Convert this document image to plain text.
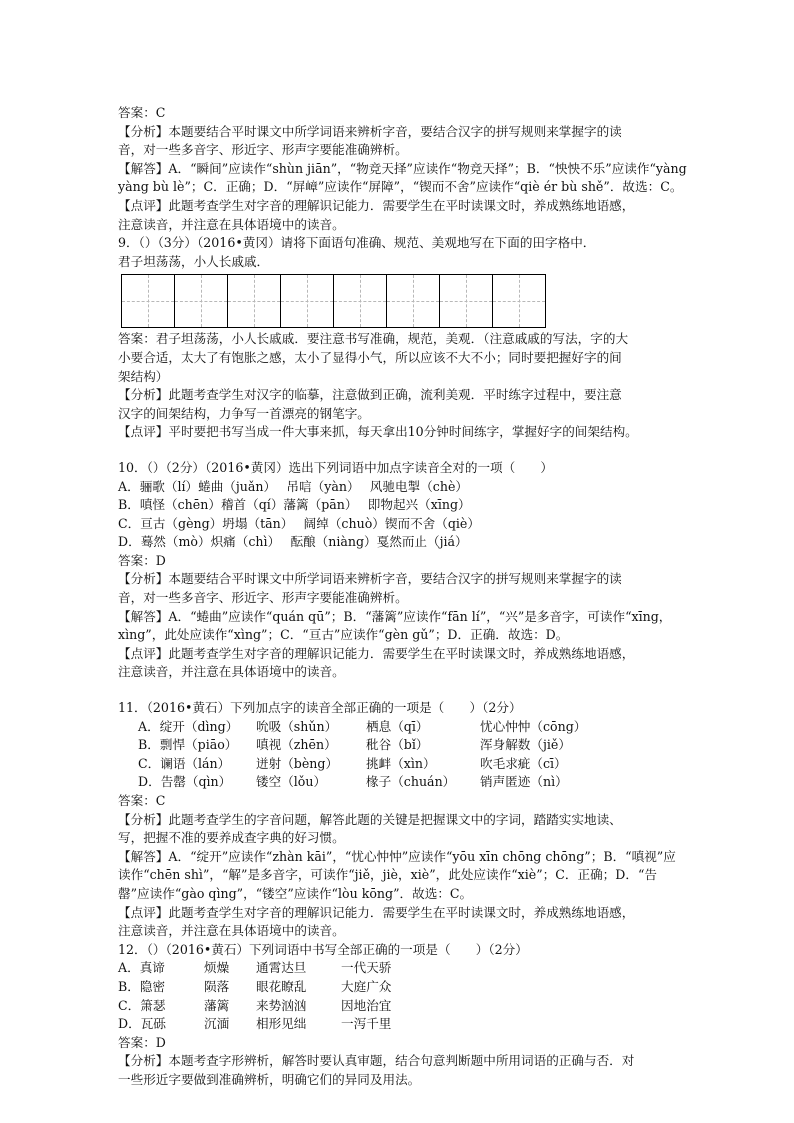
答案：C
【分析】本题要结合平时课文中所学词语来辨析字音，要结合汉字的拼写规则来掌握字的读
音，对一些多音字、形近字、形声字要能准确辨析。
【解答】A．“瞬间”应读作“shùn jiān”，“物竞天择”应读作“物竞天择”；B．“怏怏不乐”应读作“yàng
yàng bù lè”；C．正确；D．“屏嶂”应读作“屏障”，“锲而不舍”应读作“qiè ér bù shě”．故选：C。
【点评】此题考查学生对字音的理解识记能力．需要学生在平时读课文时，养成熟练地语感，
注意读音，并注意在具体语境中的读音。
9．（）（3分）（2016•黄冈）请将下面语句准确、规范、美观地写在下面的田字格中．
君子坦荡荡，小人长戚戚．
答案：君子坦荡荡，小人长戚戚．要注意书写准确，规范，美观．（注意戚戚的写法，字的大
小要合适，太大了有饱胀之感，太小了显得小气，所以应该不大不小；同时要把握好字的间
架结构）
【分析】此题考查学生对汉字的临摹，注意做到正确，流利美观．平时练字过程中，要注意
汉字的间架结构，力争写一首漂亮的钢笔字。
【点评】平时要把书写当成一件大事来抓，每天拿出10分钟时间练字，掌握好字的间架结构。
10．（）（2分）（2016•黄冈）选出下列词语中加点字读音全对的一项（　　）
A．骊歌（lí）蜷曲（juǎn）　 吊唁（yàn）　 风驰电掣（chè）
B．嗔怪（chēn）稽首（qí）藩篱（pān）　 即物起兴（xīng）
C．亘古（gèng）坍塌（tān）　 阔绰（chuò）锲而不舍（qiè）
D．蓦然（mò）炽痛（chì）　 酝酿（niàng）戛然而止（jiá）
答案：D
【分析】本题要结合平时课文中所学词语来辨析字音，要结合汉字的拼写规则来掌握字的读
音，对一些多音字、形近字、形声字要能准确辨析。
【解答】A．“蜷曲”应读作“quán qū”；B．“藩篱”应读作“fān lí”，“兴”是多音字，可读作“xīng，
xìng”，此处应读作“xìng”；C．“亘古”应读作“gèn gǔ”；D．正确．故选：D。
【点评】此题考查学生对字音的理解识记能力．需要学生在平时读课文时，养成熟练地语感，
注意读音，并注意在具体语境中的读音。
11．（2016•黄石）下列加点字的读音全部正确的一项是（　　）（2分）
A．绽开（dìng）	吮吸（shǔn）	栖息（qī）	忧心忡忡（cōng）
B．剽悍（piāo）	嗔视（zhēn）	秕谷（bǐ）	浑身解数（jiě）
C．谰语（lán）	迸射（bèng）	挑衅（xìn）	吹毛求疵（cī）
D．告罄（qìn）	镂空（lǒu）	椽子（chuán）	销声匿迹（nì）
答案：C
【分析】此题考查学生的字音问题，解答此题的关键是把握课文中的字词，踏踏实实地读、
写，把握不准的要养成查字典的好习惯。
【解答】A．“绽开”应读作“zhàn kāi”，“忧心忡忡”应读作“yōu xīn chōng chōng”；B．“嗔视”应
读作“chēn shì”，“解”是多音字，可读作“jiě，jiè，xiè”，此处应读作“xiè”；C．正确；D．“告
罄”应读作“gào qìng”，“镂空”应读作“lòu kōng”．故选：C。
【点评】此题考查学生对字音的理解识记能力．需要学生在平时读课文时，养成熟练地语感，
注意读音，并注意在具体语境中的读音。
12．（）（2016•黄石）下列词语中书写全部正确的一项是（　　）（2分）
A．真谛	烦燥	通霄达旦	一代天骄
B．隐密	陨落	眼花瞭乱	大庭广众
C．箫瑟	藩篱	来势汹汹	因地治宜
D．瓦砾	沉湎	相形见绌	一泻千里
答案：D
【分析】本题考查字形辨析，解答时要认真审题，结合句意判断题中所用词语的正确与否．对
一些形近字要做到准确辨析，明确它们的异同及用法。
